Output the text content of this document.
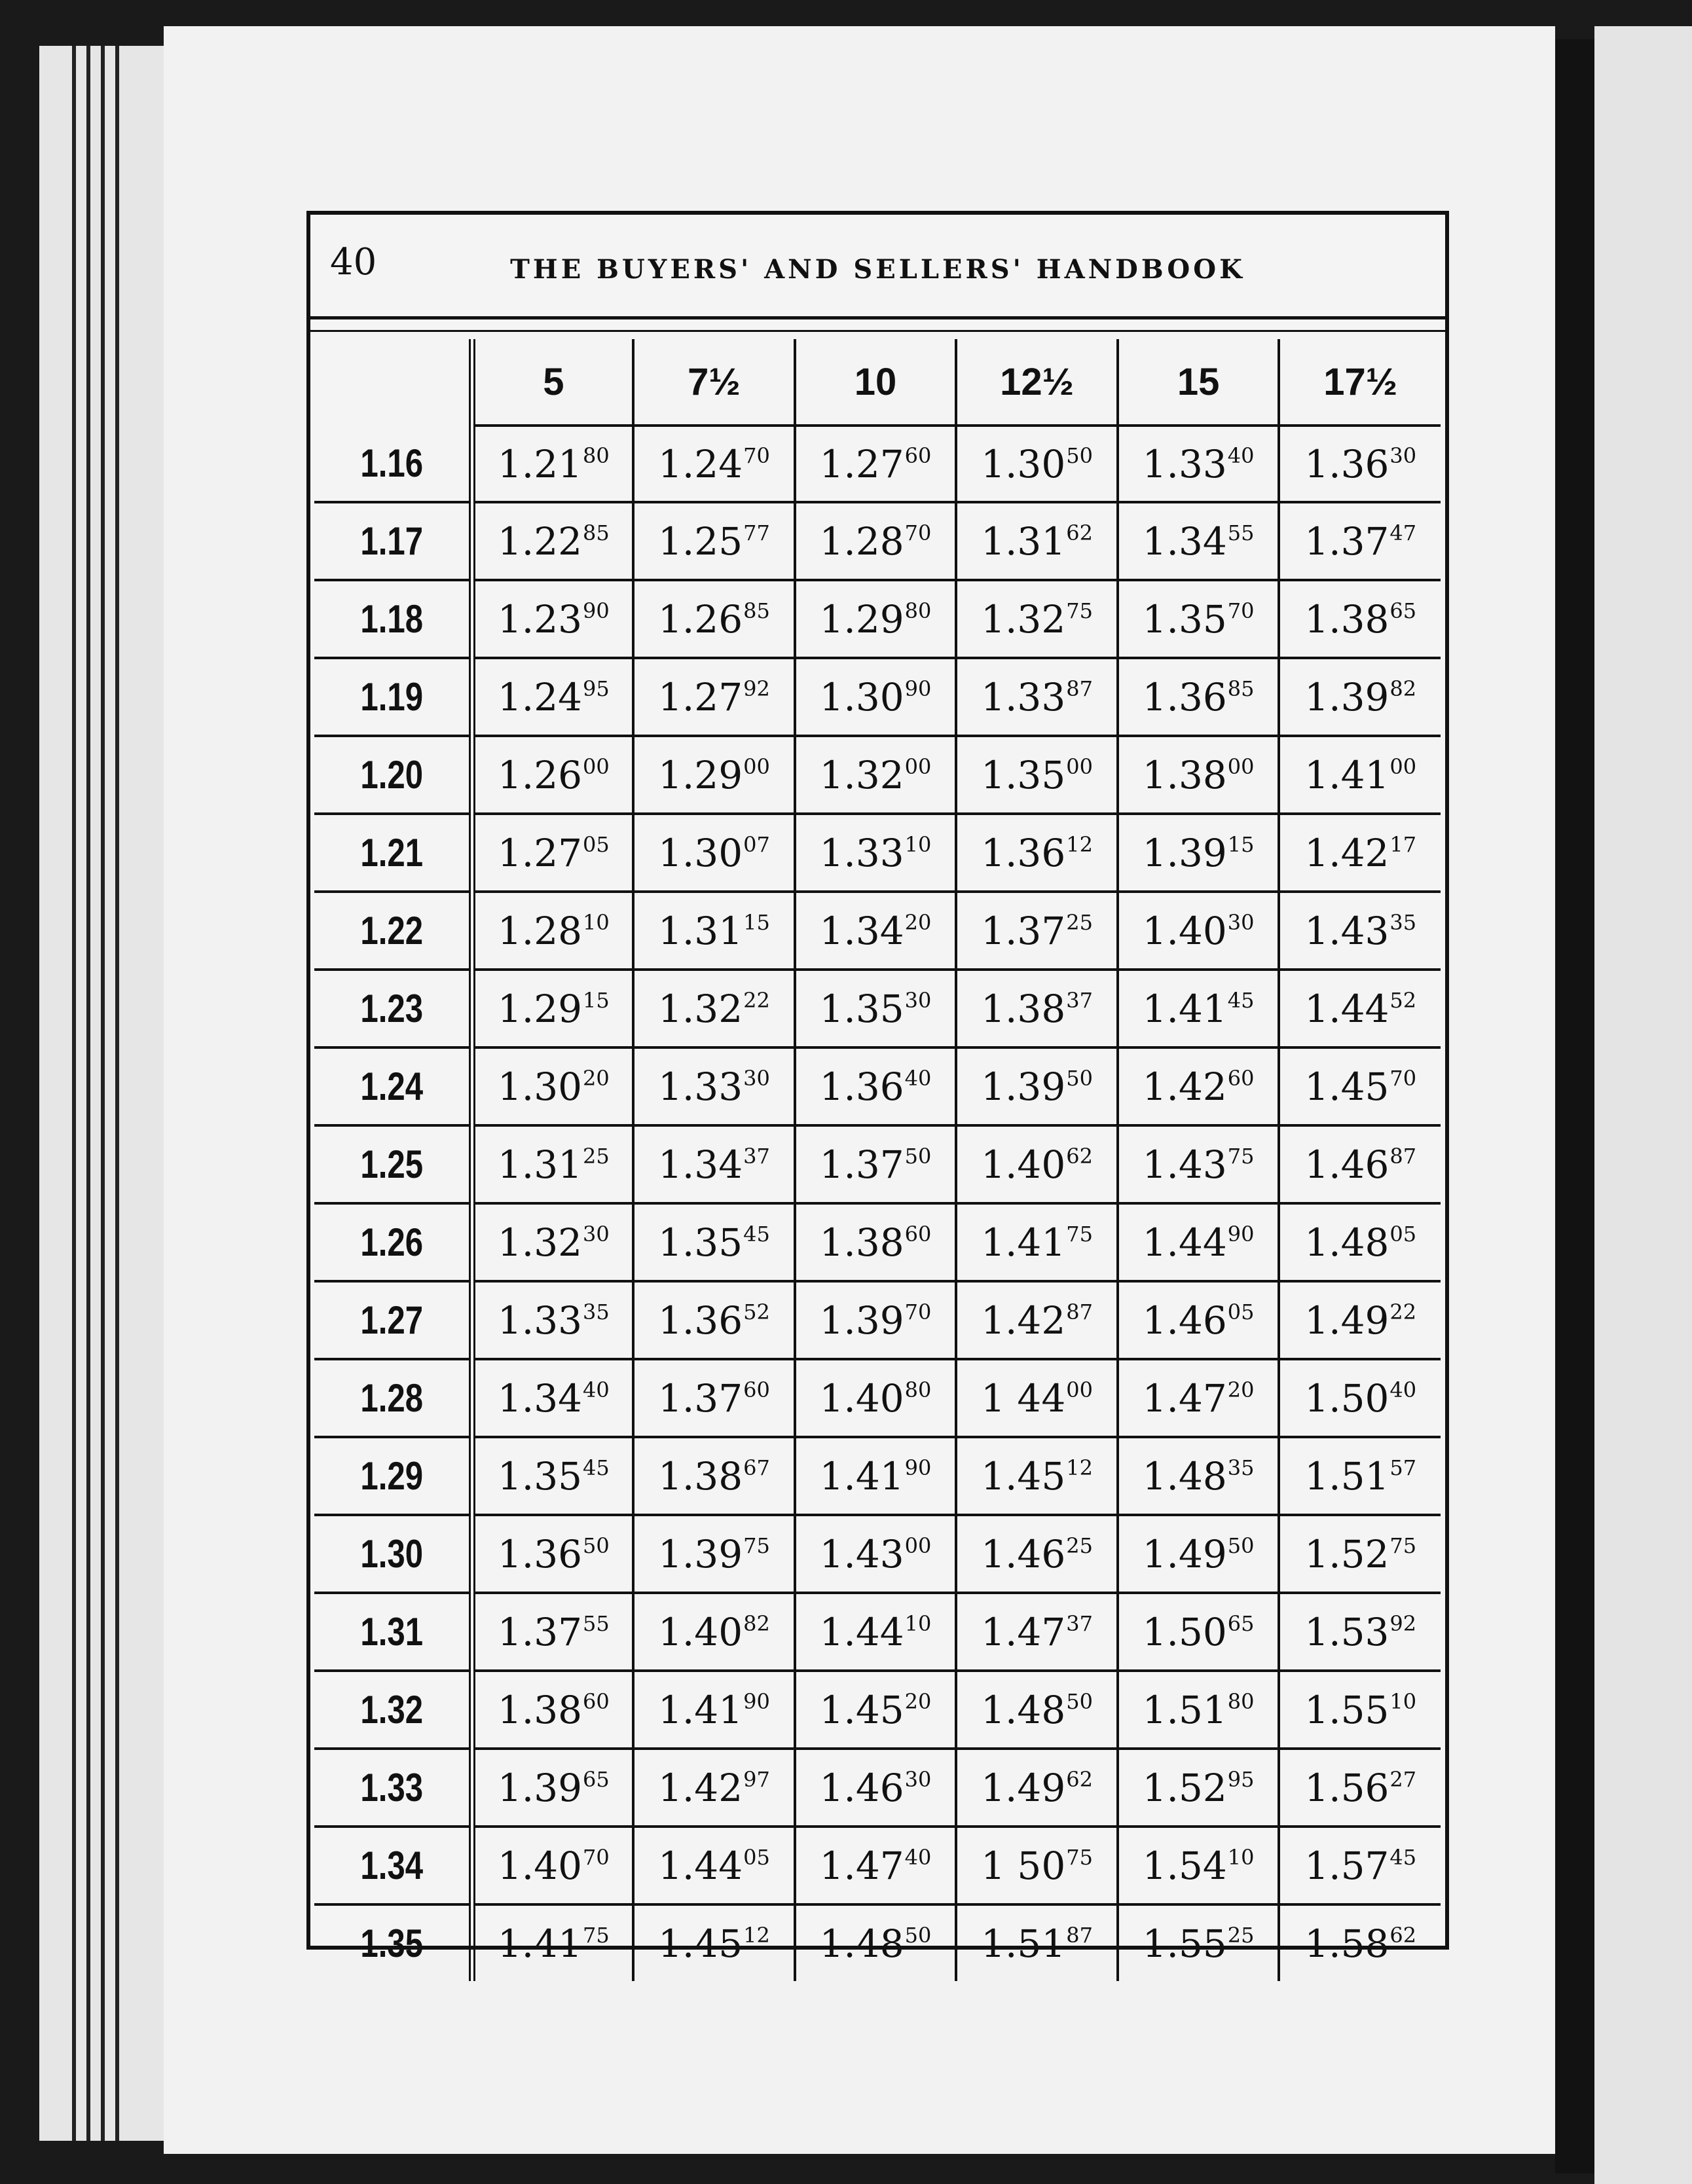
40	THE BUYERS' AND SELLERS' HANDBOOK
	5	7½	10	12½	15	17½
1.16	1.21$^{80}$	1.24$^{70}$	1.27$^{60}$	1.30$^{50}$	1.33$^{40}$	1.36$^{30}$
1.17	1.22$^{85}$	1.25$^{77}$	1.28$^{70}$	1.31$^{62}$	1.34$^{55}$	1.37$^{47}$
1.18	1.23$^{90}$	1.26$^{85}$	1.29$^{80}$	1.32$^{75}$	1.35$^{70}$	1.38$^{65}$
1.19	1.24$^{95}$	1.27$^{92}$	1.30$^{90}$	1.33$^{87}$	1.36$^{85}$	1.39$^{82}$
1.20	1.26$^{00}$	1.29$^{00}$	1.32$^{00}$	1.35$^{00}$	1.38$^{00}$	1.41$^{00}$
1.21	1.27$^{05}$	1.30$^{07}$	1.33$^{10}$	1.36$^{12}$	1.39$^{15}$	1.42$^{17}$
1.22	1.28$^{10}$	1.31$^{15}$	1.34$^{20}$	1.37$^{25}$	1.40$^{30}$	1.43$^{35}$
1.23	1.29$^{15}$	1.32$^{22}$	1.35$^{30}$	1.38$^{37}$	1.41$^{45}$	1.44$^{52}$
1.24	1.30$^{20}$	1.33$^{30}$	1.36$^{40}$	1.39$^{50}$	1.42$^{60}$	1.45$^{70}$
1.25	1.31$^{25}$	1.34$^{37}$	1.37$^{50}$	1.40$^{62}$	1.43$^{75}$	1.46$^{87}$
1.26	1.32$^{30}$	1.35$^{45}$	1.38$^{60}$	1.41$^{75}$	1.44$^{90}$	1.48$^{05}$
1.27	1.33$^{35}$	1.36$^{52}$	1.39$^{70}$	1.42$^{87}$	1.46$^{05}$	1.49$^{22}$
1.28	1.34$^{40}$	1.37$^{60}$	1.40$^{80}$	1 $44^{00}$	1.47$^{20}$	1.50$^{40}$
1.29	1.35$^{45}$	1.38$^{67}$	1.41$^{90}$	1.45$^{12}$	1.48$^{35}$	1.51$^{57}$
1.30	1.36$^{50}$	1.39$^{75}$	1.43$^{00}$	1.46$^{25}$	1.49$^{50}$	1.52$^{75}$
1.31	1.37$^{55}$	1.40$^{82}$	1.44$^{10}$	1.47$^{37}$	1.50$^{65}$	1.53$^{92}$
1.32	1.38$^{60}$	1.41$^{90}$	1.45$^{20}$	1.48$^{50}$	1.51$^{80}$	1.55$^{10}$
1.33	1.39$^{65}$	1.42$^{97}$	1.46$^{30}$	1.49$^{62}$	1.52$^{95}$	1.56$^{27}$
1.34	1.40$^{70}$	1.44$^{05}$	1.47$^{40}$	1 $50^{75}$	1.54$^{10}$	1.57$^{45}$
1.35	1.41$^{75}$	1.45$^{12}$	1.48$^{50}$	1.51$^{87}$	1.55$^{25}$	1.58$^{62}$
